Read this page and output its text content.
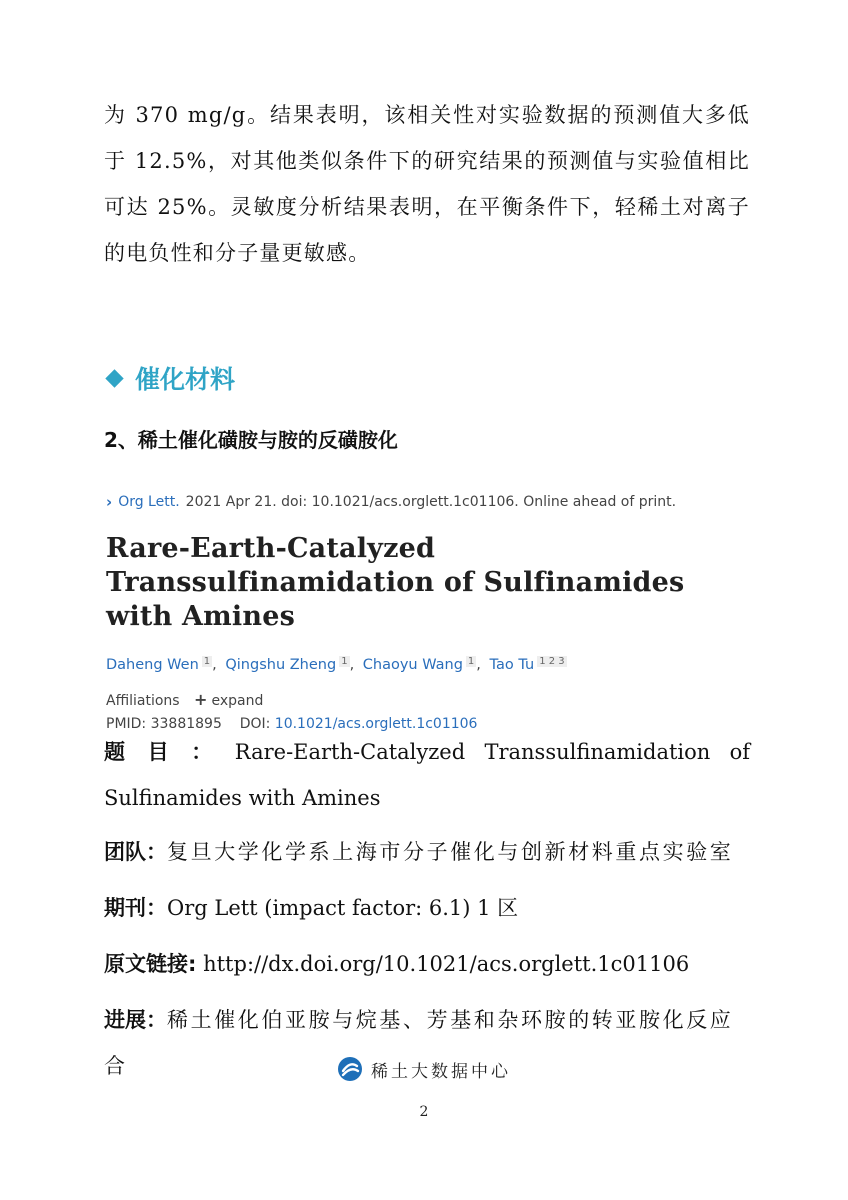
为 370 mg/g。结果表明，该相关性对实验数据的预测值大多低于 12.5%，对其他类似条件下的研究结果的预测值与实验值相比可达 25%。灵敏度分析结果表明，在平衡条件下，轻稀土对离子的电负性和分子量更敏感。

催化材料
2、稀土催化磺胺与胺的反磺胺化
› Org Lett. 2021 Apr 21. doi: 10.1021/acs.orglett.1c01106. Online ahead of print.
Rare-Earth-Catalyzed Transsulfinamidation of Sulfinamides with Amines
Daheng Wen $^1$ , Qingshu Zheng $^1$ , Chaoyu Wang $^1$ , Tao Tu $^{1 2 3}$
Affiliations + expand
PMID: 33881895 DOI: 10.1021/acs.orglett.1c01106

题目：Rare-Earth-Catalyzed Transsulfinamidation of Sulfinamides with Amines

团队：复旦大学化学系上海市分子催化与创新材料重点实验室

期刊：Org Lett (impact factor: 6.1) 1 区

原文链接: http://dx.doi.org/10.1021/acs.orglett.1c01106

进展：稀土催化伯亚胺与烷基、芳基和杂环胺的转亚胺化反应合	稀土大数据中心
2
